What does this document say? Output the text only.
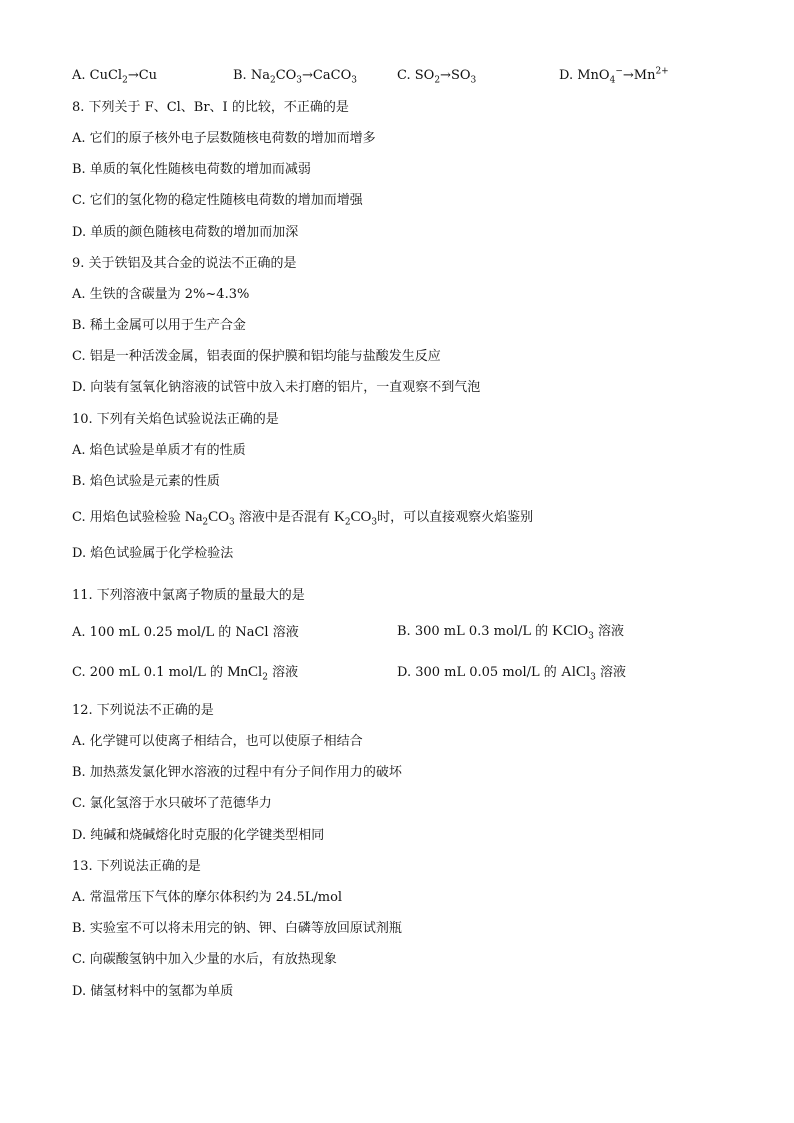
A. CuCl$_2$→Cu	B. $Na_2CO_3\to CaCO_3$	C. $SO_2\to SO_3$	D. $MnO_4^-\to Mn^{2+}$
8. 下列关于 F、Cl、Br、I 的比较，不正确的是
A. 它们的原子核外电子层数随核电荷数的增加而增多
B. 单质的氧化性随核电荷数的增加而减弱
C. 它们的氢化物的稳定性随核电荷数的增加而增强
D. 单质的颜色随核电荷数的增加而加深
9. 关于铁铝及其合金的说法不正确的是
A. 生铁的含碳量为 2%~4.3%
B. 稀土金属可以用于生产合金
C. 铝是一种活泼金属，铝表面的保护膜和铝均能与盐酸发生反应
D. 向装有氢氧化钠溶液的试管中放入未打磨的铝片，一直观察不到气泡
10. 下列有关焰色试验说法正确的是
A. 焰色试验是单质才有的性质
B. 焰色试验是元素的性质
C. 用焰色试验检验 $Na_2CO_3$ 溶液中是否混有 $K_2CO_3$时，可以直接观察火焰鉴别
D. 焰色试验属于化学检验法
11. 下列溶液中氯离子物质的量最大的是
A. 100 mL 0.25 mol/L 的 NaCl 溶液	B. 300 mL 0.3 mol/L 的 KClO$_3$ 溶液
C. 200 mL 0.1 mol/L 的 MnCl$_2$ 溶液	D. 300 mL 0.05 mol/L 的 AlCl$_3$ 溶液
12. 下列说法不正确的是
A. 化学键可以使离子相结合，也可以使原子相结合
B. 加热蒸发氯化钾水溶液的过程中有分子间作用力的破坏
C. 氯化氢溶于水只破坏了范德华力
D. 纯碱和烧碱熔化时克服的化学键类型相同
13. 下列说法正确的是
A. 常温常压下气体的摩尔体积约为 24.5L/mol
B. 实验室不可以将未用完的钠、钾、白磷等放回原试剂瓶
C. 向碳酸氢钠中加入少量的水后，有放热现象
D. 储氢材料中的氢都为单质
